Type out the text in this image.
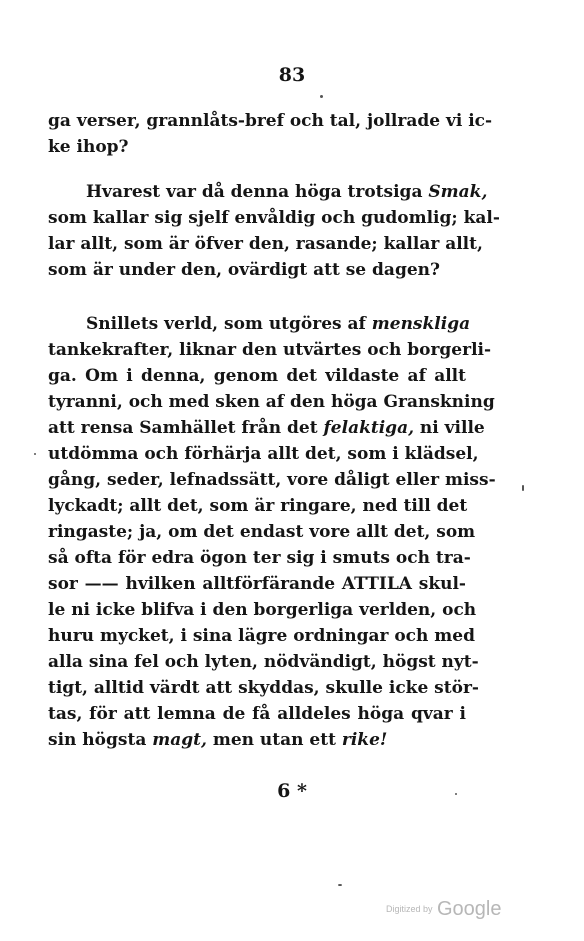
83
ga verser, grannlåts-bref och tal, jollrade vi ic-
ke ihop?
Hvarest var då denna höga trotsiga Smak,
som kallar sig sjelf envåldig och gudomlig; kal-
lar allt, som är öfver den, rasande; kallar allt,
som är under den, ovärdigt att se dagen?
Snillets verld, som utgöres af menskliga
tankekrafter, liknar den utvärtes och borgerli-
ga. Om i denna, genom det vildaste af allt
tyranni, och med sken af den höga Granskning
att rensa Samhället från det felaktiga, ni ville
utdömma och förhärja allt det, som i klädsel,
gång, seder, lefnadssätt, vore dåligt eller miss-
lyckadt; allt det, som är ringare, ned till det
ringaste; ja, om det endast vore allt det, som
så ofta för edra ögon ter sig i smuts och tra-
sor —— hvilken alltförfärande ATTILA skul-
le ni icke blifva i den borgerliga verlden, och
huru mycket, i sina lägre ordningar och med
alla sina fel och lyten, nödvändigt, högst nyt-
tigt, alltid värdt att skyddas, skulle icke stör-
tas, för att lemna de få alldeles höga qvar i
sin högsta magt, men utan ett rike!
6 *
Digitized by Google
